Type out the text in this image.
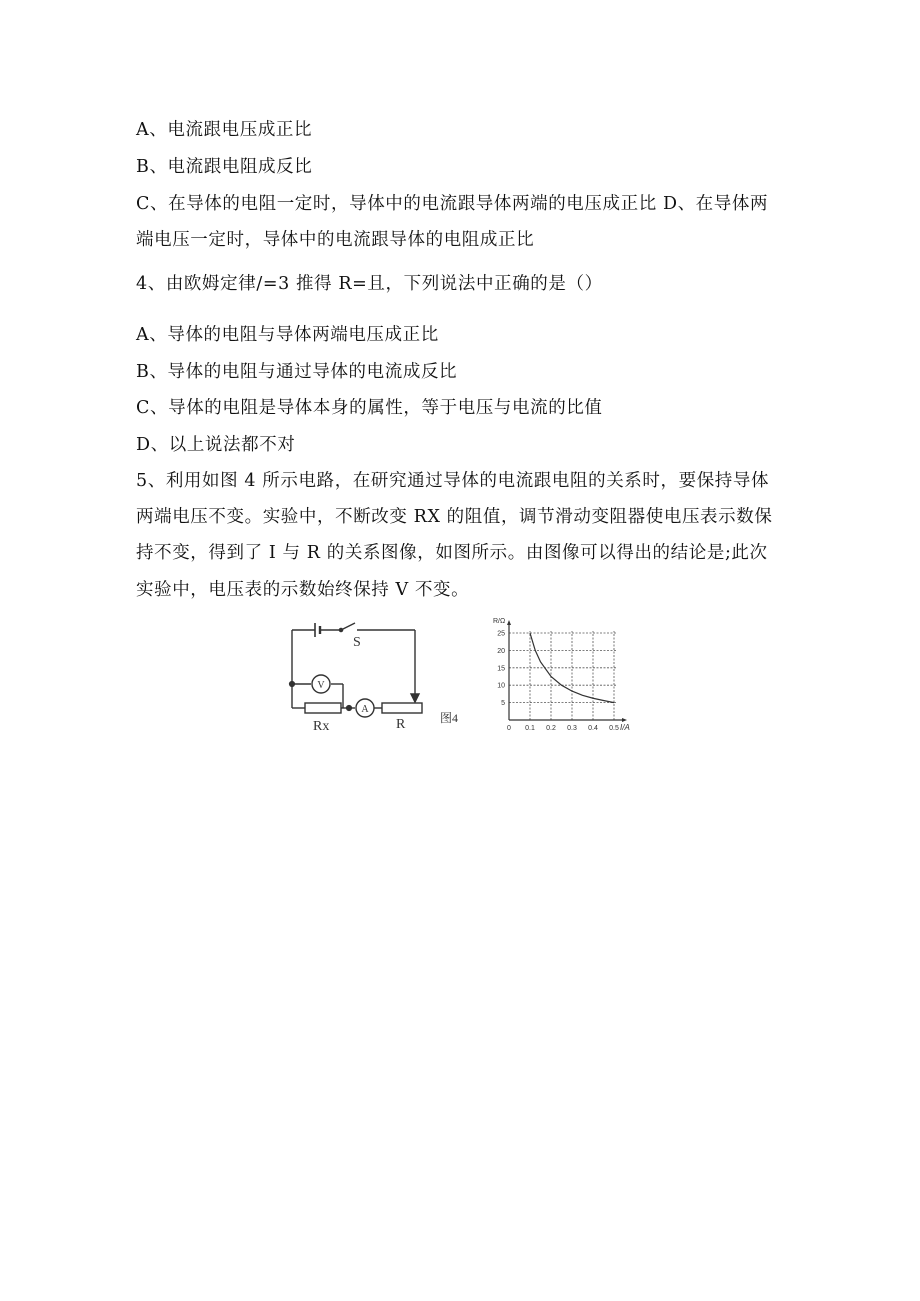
A、电流跟电压成正比
B、电流跟电阻成反比
C、在导体的电阻一定时，导体中的电流跟导体两端的电压成正比 D、在导体两
端电压一定时，导体中的电流跟导体的电阻成正比
4、由欧姆定律/=3 推得 R=且，下列说法中正确的是（）
A、导体的电阻与导体两端电压成正比
B、导体的电阻与通过导体的电流成反比
C、导体的电阻是导体本身的属性，等于电压与电流的比值
D、以上说法都不对
5、利用如图 4 所示电路，在研究通过导体的电流跟电阻的关系时，要保持导体
两端电压不变。实验中，不断改变 RX 的阻值，调节滑动变阻器使电压表示数保
持不变，得到了 I 与 R 的关系图像，如图所示。由图像可以得出的结论是;此次
实验中，电压表的示数始终保持 V 不变。
S
V
A
Rx	R	图4
0 0.1 0.2 0.3 0.4 0.5
5
10
15
20
25
R/Ω
I/A
